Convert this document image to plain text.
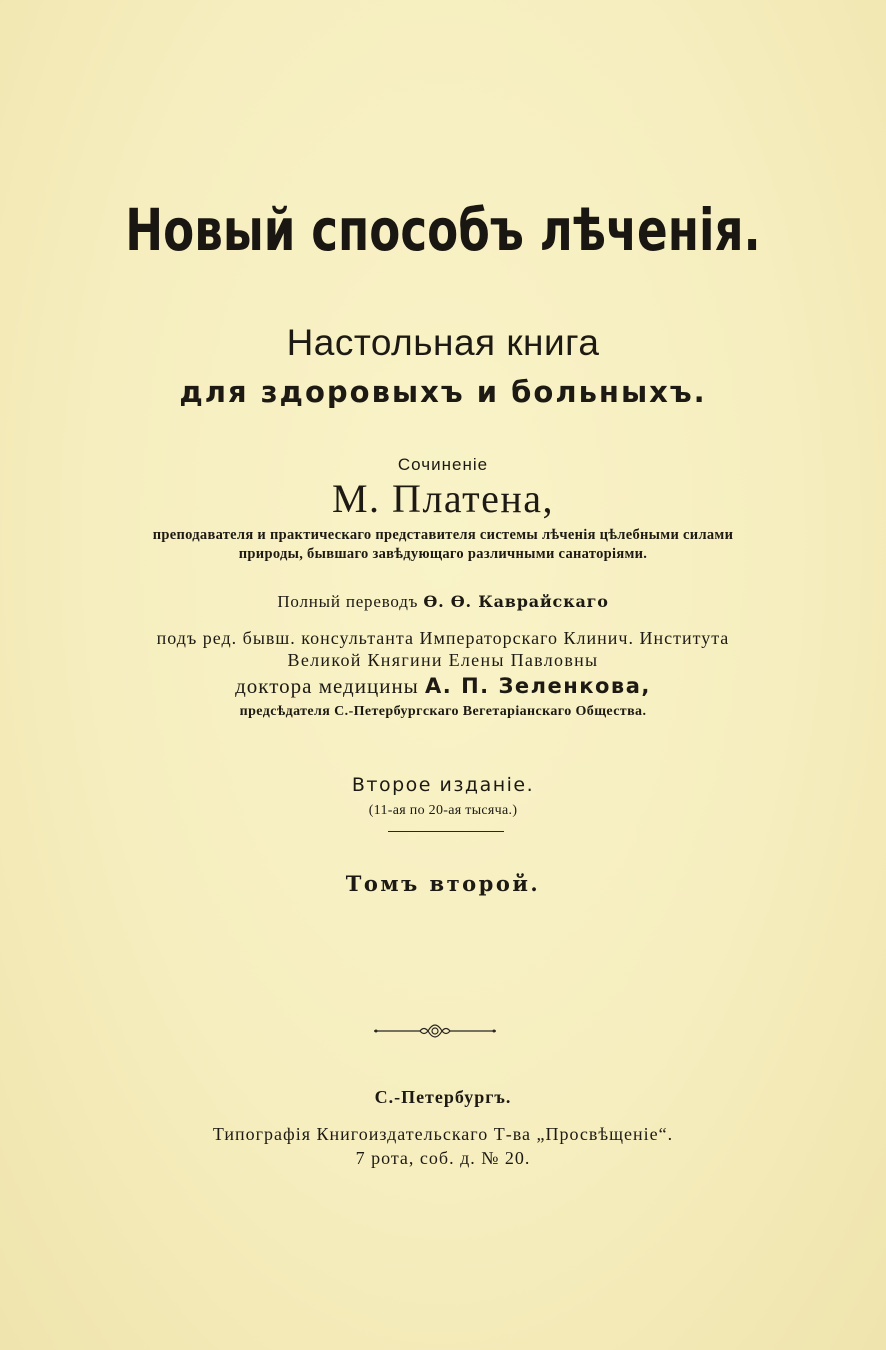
Новый способъ лѣченія.
Настольная книга
для здоровыхъ и больныхъ.
Сочиненіе
М. Платена,
преподавателя и практическаго представителя системы лѣченія цѣлебными силами
природы, бывшаго завѣдующаго различными санаторіями.
Полный переводъ Ѳ. Ѳ. Каврайскаго
подъ ред. бывш. консультанта Императорскаго Клинич. Института
Великой Княгини Елены Павловны
доктора медицины А. П. Зеленкова,
предсѣдателя С.-Петербургскаго Вегетаріанскаго Общества.
Второе изданіе.
(11-ая по 20-ая тысяча.)
Томъ второй.
С.-Петербургъ.
Типографія Книгоиздательскаго Т-ва „Просвѣщеніе“.
7 рота, соб. д. № 20.
